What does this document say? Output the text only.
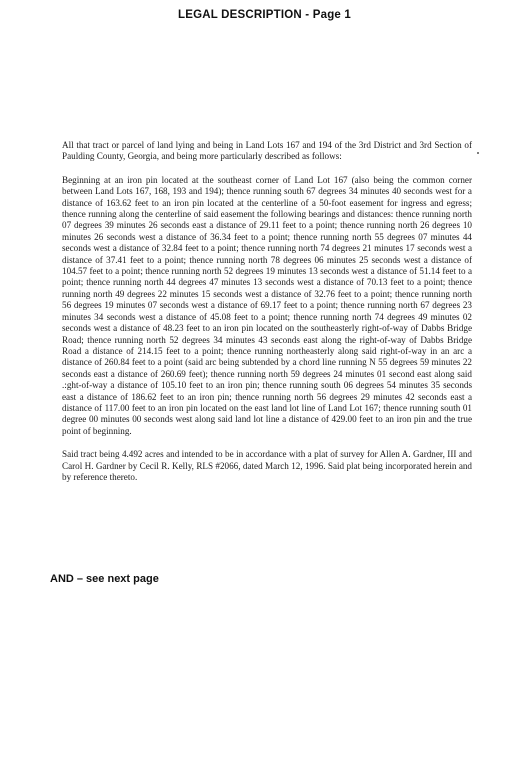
LEGAL DESCRIPTION - Page 1

All that tract or parcel of land lying and being in Land Lots 167 and 194 of the 3rd District and 3rd Section of Paulding County, Georgia, and being more particularly described as follows:

Beginning at an iron pin located at the southeast corner of Land Lot 167 (also being the common corner between Land Lots 167, 168, 193 and 194); thence running south 67 degrees 34 minutes 40 seconds west for a distance of 163.62 feet to an iron pin located at the centerline of a 50-foot easement for ingress and egress; thence running along the centerline of said easement the following bearings and distances: thence running north 07 degrees 39 minutes 26 seconds east a distance of 29.11 feet to a point; thence running north 26 degrees 10 minutes 26 seconds west a distance of 36.34 feet to a point; thence running north 55 degrees 07 minutes 44 seconds west a distance of 32.84 feet to a point; thence running north 74 degrees 21 minutes 17 seconds west a distance of 37.41 feet to a point; thence running north 78 degrees 06 minutes 25 seconds west a distance of 104.57 feet to a point; thence running north 52 degrees 19 minutes 13 seconds west a distance of 51.14 feet to a point; thence running north 44 degrees 47 minutes 13 seconds west a distance of 70.13 feet to a point; thence running north 49 degrees 22 minutes 15 seconds west a distance of 32.76 feet to a point; thence running north 56 degrees 19 minutes 07 seconds west a distance of 69.17 feet to a point; thence running north 67 degrees 23 minutes 34 seconds west a distance of 45.08 feet to a point; thence running north 74 degrees 49 minutes 02 seconds west a distance of 48.23 feet to an iron pin located on the southeasterly right-of-way of Dabbs Bridge Road; thence running north 52 degrees 34 minutes 43 seconds east along the right-of-way of Dabbs Bridge Road a distance of 214.15 feet to a point; thence running northeasterly along said right-of-way in an arc a distance of 260.84 feet to a point (said arc being subtended by a chord line running N 55 degrees 59 minutes 22 seconds east a distance of 260.69 feet); thence running north 59 degrees 24 minutes 01 second east along said .:ght-of-way a distance of 105.10 feet to an iron pin; thence running south 06 degrees 54 minutes 35 seconds east a distance of 186.62 feet to an iron pin; thence running north 56 degrees 29 minutes 42 seconds east a distance of 117.00 feet to an iron pin located on the east land lot line of Land Lot 167; thence running south 01 degree 00 minutes 00 seconds west along said land lot line a distance of 429.00 feet to an iron pin and the true point of beginning.

Said tract being 4.492 acres and intended to be in accordance with a plat of survey for Allen A. Gardner, III and Carol H. Gardner by Cecil R. Kelly, RLS #2066, dated March 12, 1996. Said plat being incorporated herein and by reference thereto.

AND – see next page
